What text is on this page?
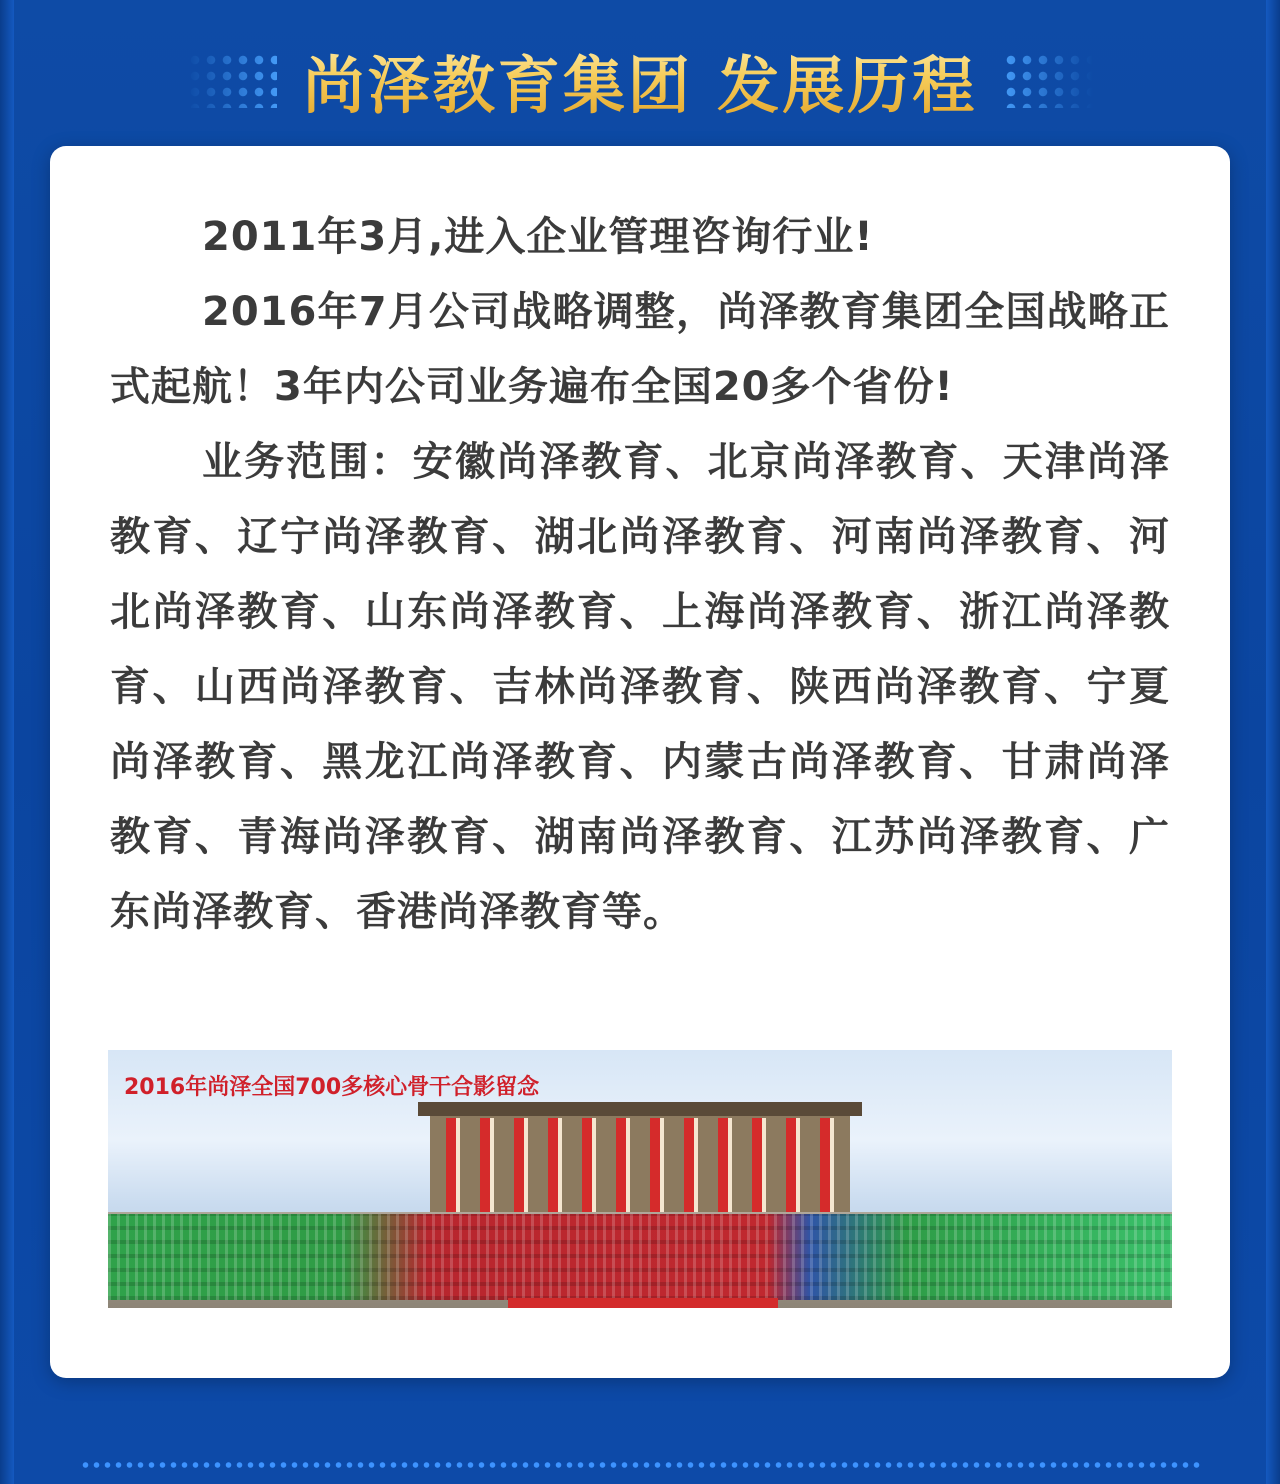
尚泽教育集团 发展历程

2011年3月,进入企业管理咨询行业!

2016年7月公司战略调整，尚泽教育集团全国战略正式起航！3年内公司业务遍布全国20多个省份!

业务范围：安徽尚泽教育、北京尚泽教育、天津尚泽教育、辽宁尚泽教育、湖北尚泽教育、河南尚泽教育、河北尚泽教育、山东尚泽教育、上海尚泽教育、浙江尚泽教育、山西尚泽教育、吉林尚泽教育、陕西尚泽教育、宁夏尚泽教育、黑龙江尚泽教育、内蒙古尚泽教育、甘肃尚泽教育、青海尚泽教育、湖南尚泽教育、江苏尚泽教育、广东尚泽教育、香港尚泽教育等。

2016年尚泽全国700多核心骨干合影留念
